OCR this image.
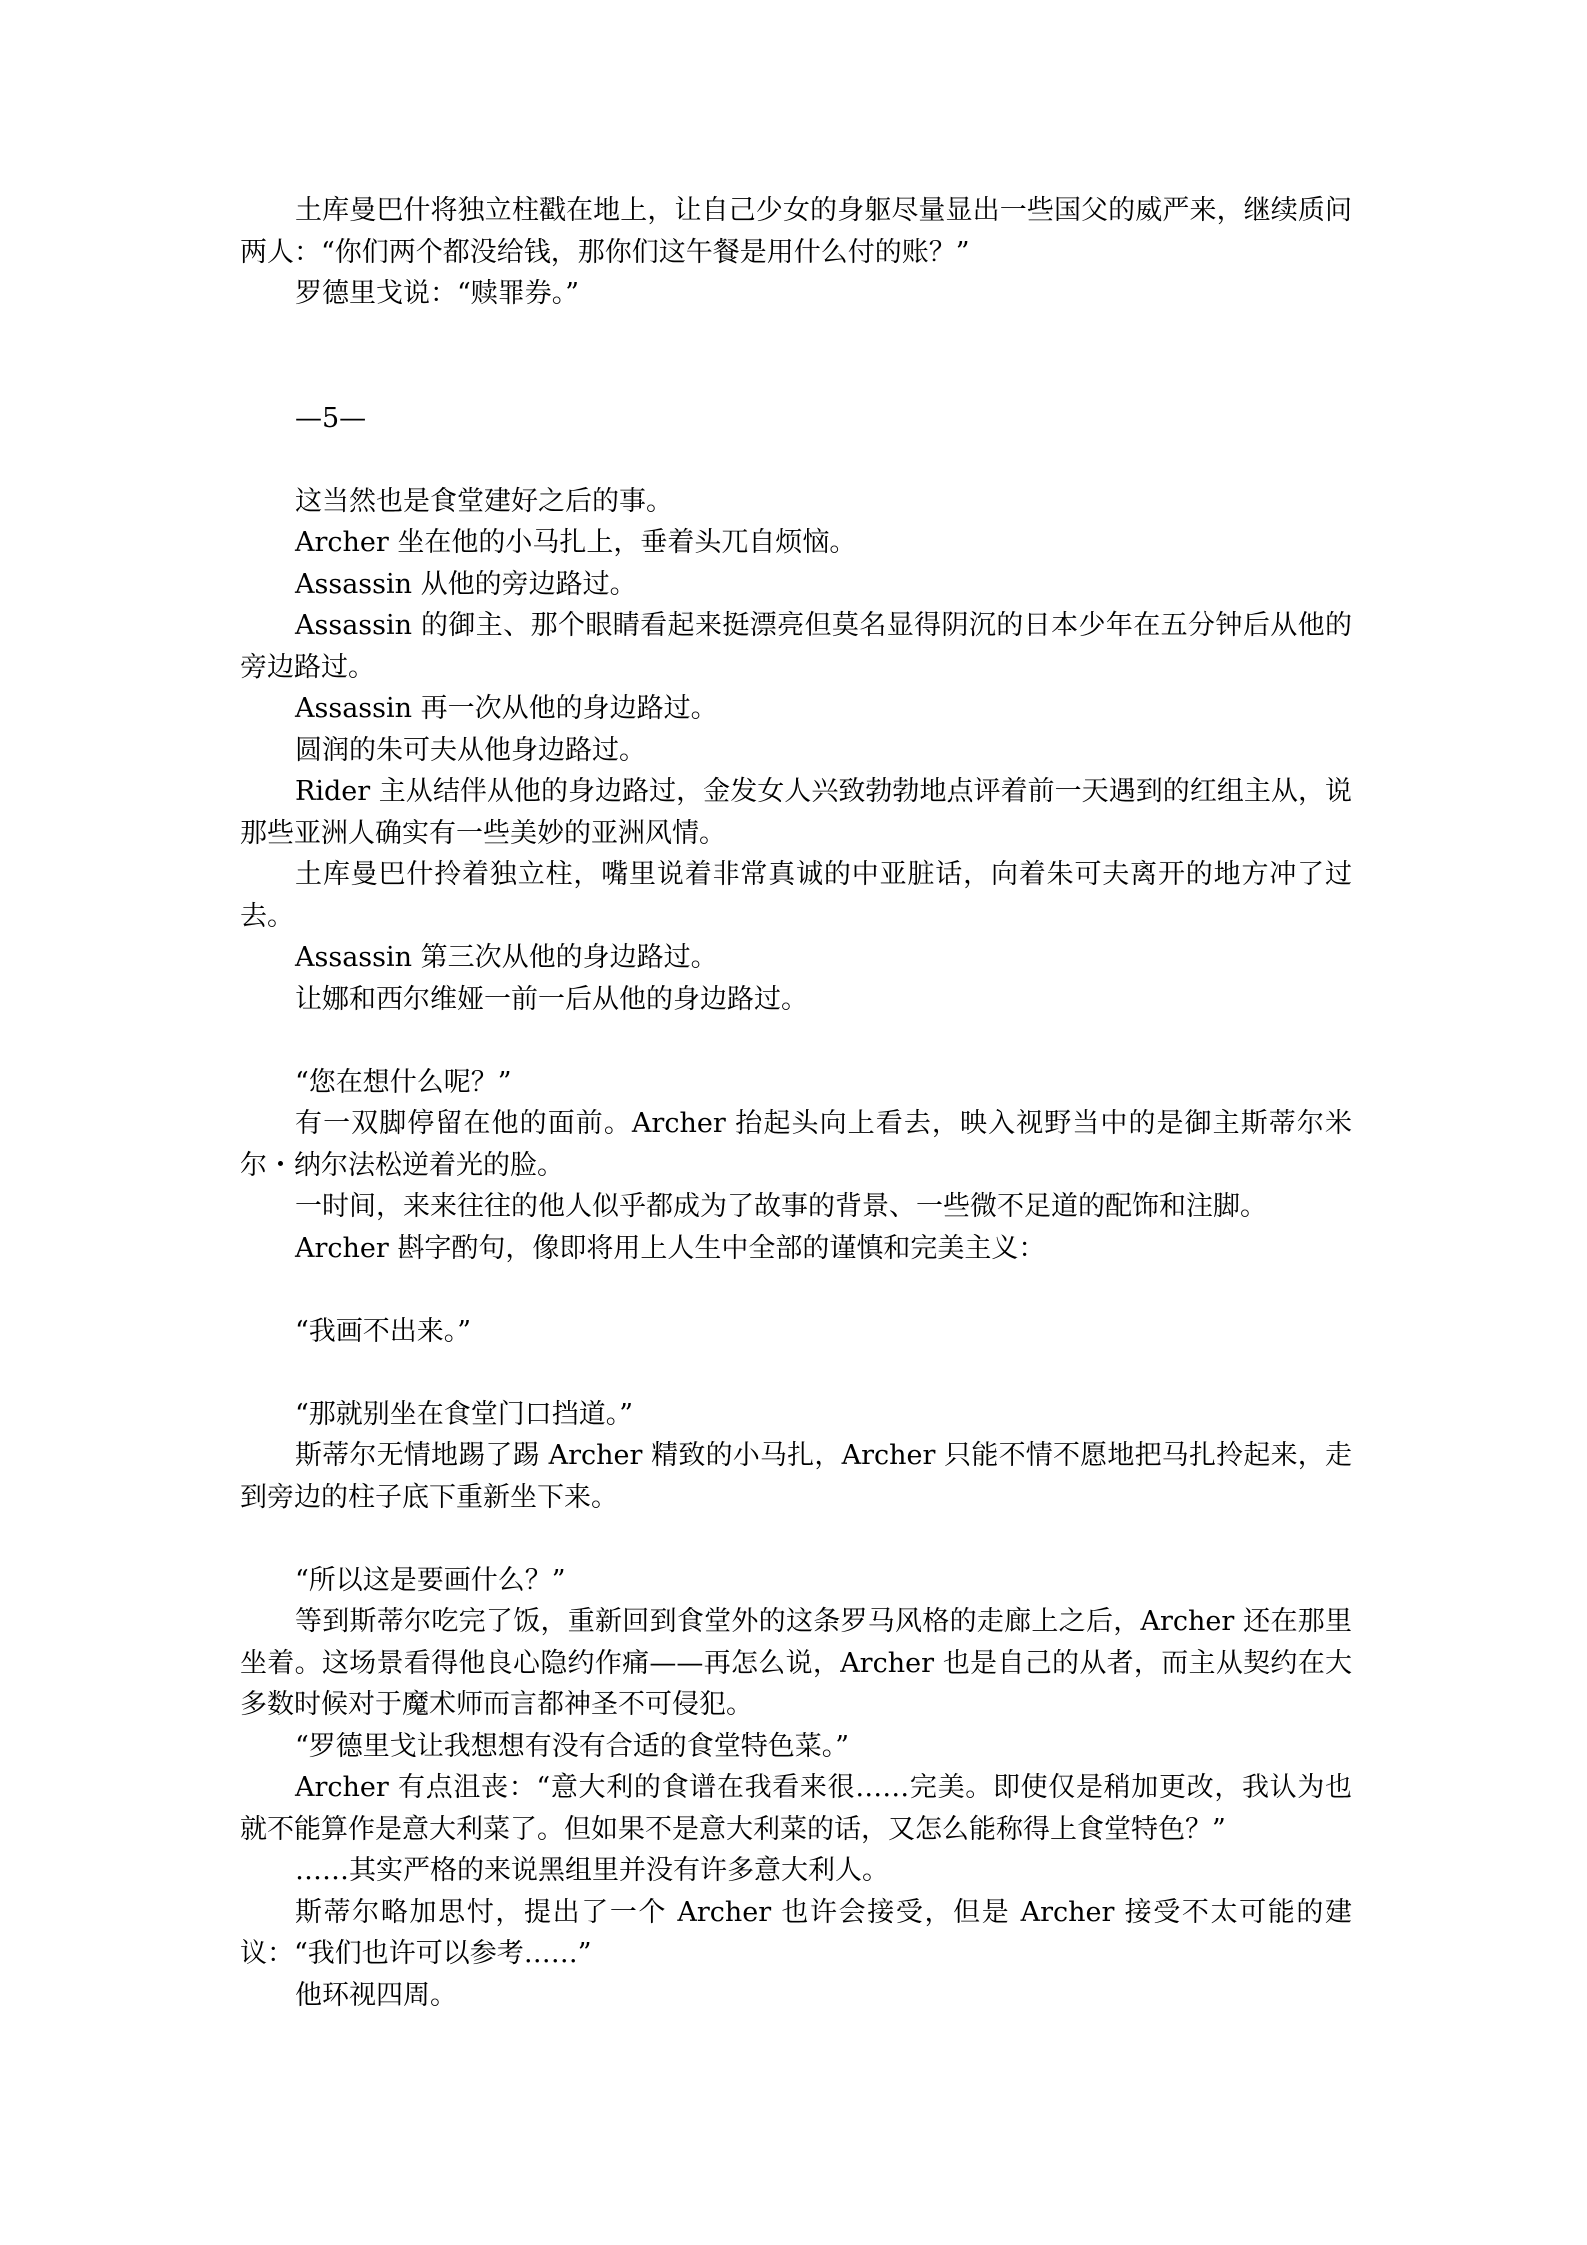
土库曼巴什将独立柱戳在地上，让自己少女的身躯尽量显出一些国父的威严来，继续质问两人：“你们两个都没给钱，那你们这午餐是用什么付的账？”

罗德里戈说：“赎罪券。”

—5—

这当然也是食堂建好之后的事。

Archer 坐在他的小马扎上，垂着头兀自烦恼。

Assassin 从他的旁边路过。

Assassin 的御主、那个眼睛看起来挺漂亮但莫名显得阴沉的日本少年在五分钟后从他的旁边路过。

Assassin 再一次从他的身边路过。

圆润的朱可夫从他身边路过。

Rider 主从结伴从他的身边路过，金发女人兴致勃勃地点评着前一天遇到的红组主从，说那些亚洲人确实有一些美妙的亚洲风情。

土库曼巴什拎着独立柱，嘴里说着非常真诚的中亚脏话，向着朱可夫离开的地方冲了过去。

Assassin 第三次从他的身边路过。

让娜和西尔维娅一前一后从他的身边路过。

“您在想什么呢？”

有一双脚停留在他的面前。Archer 抬起头向上看去，映入视野当中的是御主斯蒂尔米尔・纳尔法松逆着光的脸。

一时间，来来往往的他人似乎都成为了故事的背景、一些微不足道的配饰和注脚。

Archer 斟字酌句，像即将用上人生中全部的谨慎和完美主义：

“我画不出来。”

“那就别坐在食堂门口挡道。”

斯蒂尔无情地踢了踢 Archer 精致的小马扎，Archer 只能不情不愿地把马扎拎起来，走到旁边的柱子底下重新坐下来。

“所以这是要画什么？”

等到斯蒂尔吃完了饭，重新回到食堂外的这条罗马风格的走廊上之后，Archer 还在那里坐着。这场景看得他良心隐约作痛——再怎么说，Archer 也是自己的从者，而主从契约在大多数时候对于魔术师而言都神圣不可侵犯。

“罗德里戈让我想想有没有合适的食堂特色菜。”

Archer 有点沮丧：“意大利的食谱在我看来很……完美。即使仅是稍加更改，我认为也就不能算作是意大利菜了。但如果不是意大利菜的话，又怎么能称得上食堂特色？”

……其实严格的来说黑组里并没有许多意大利人。

斯蒂尔略加思忖，提出了一个 Archer 也许会接受，但是 Archer 接受不太可能的建议：“我们也许可以参考……”

他环视四周。
